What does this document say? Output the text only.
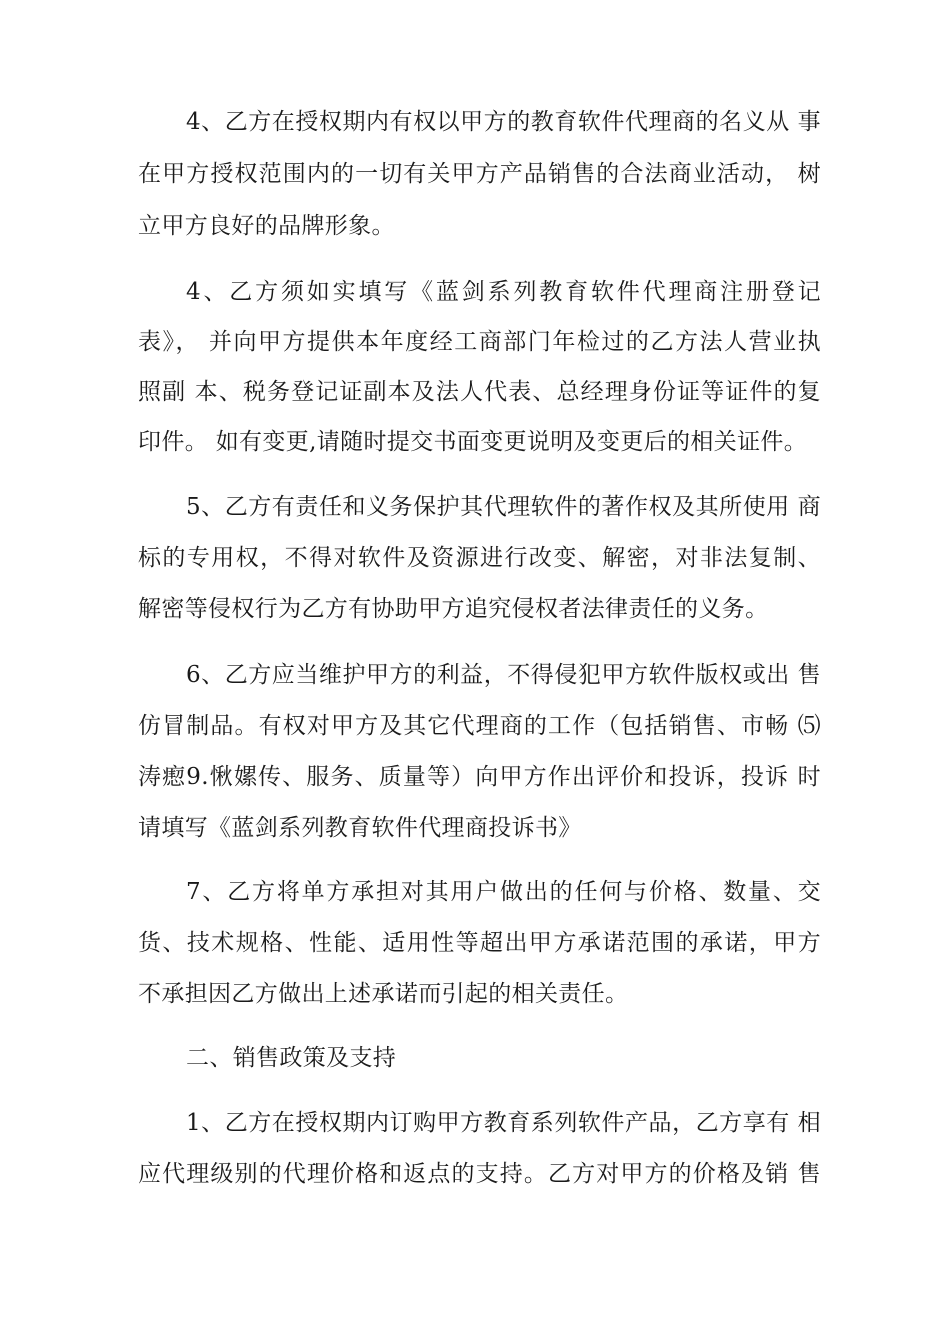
4、乙方在授权期内有权以甲方的教育软件代理商的名义从 事
在甲方授权范围内的一切有关甲方产品销售的合法商业活动， 树
立甲方良好的品牌形象。
4、乙方须如实填写《蓝剑系列教育软件代理商注册登记
表》， 并向甲方提供本年度经工商部门年检过的乙方法人营业执
照副 本、税务登记证副本及法人代表、总经理身份证等证件的复
印件。 如有变更,请随时提交书面变更说明及变更后的相关证件。
5、乙方有责任和义务保护其代理软件的著作权及其所使用 商
标的专用权，不得对软件及资源进行改变、解密，对非法复制、
解密等侵权行为乙方有协助甲方追究侵权者法律责任的义务。
6、乙方应当维护甲方的利益，不得侵犯甲方软件版权或出 售
仿冒制品。有权对甲方及其它代理商的工作（包括销售、市畅 ⑸
涛瘛9.愀嫘传、服务、质量等）向甲方作出评价和投诉，投诉 时
请填写《蓝剑系列教育软件代理商投诉书》
7、乙方将单方承担对其用户做出的任何与价格、数量、交
货、技术规格、性能、适用性等超出甲方承诺范围的承诺，甲方
不承担因乙方做出上述承诺而引起的相关责任。
二、销售政策及支持
1、乙方在授权期内订购甲方教育系列软件产品，乙方享有 相
应代理级别的代理价格和返点的支持。乙方对甲方的价格及销 售
